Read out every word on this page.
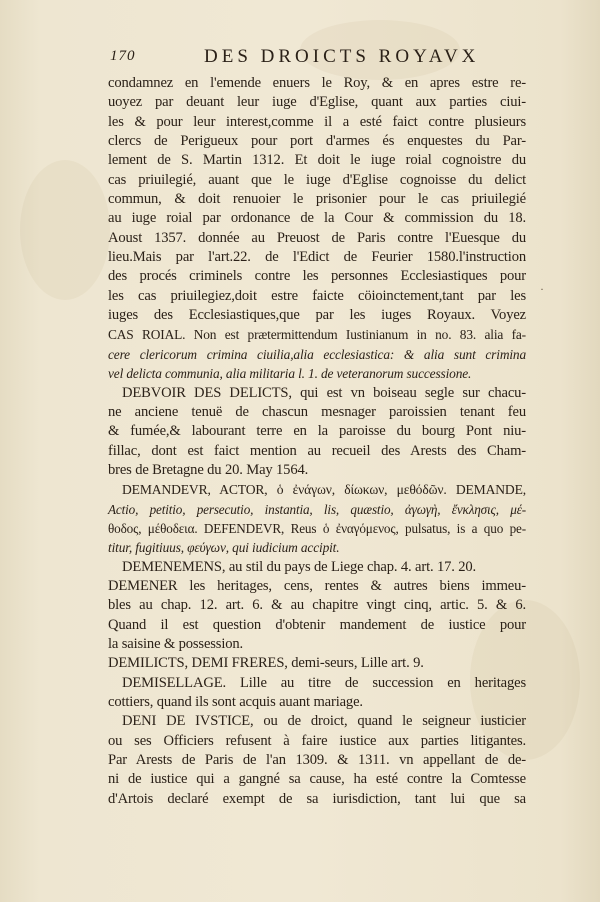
170	DES DROICTS ROYAVX
condamnez en l'emende enuers le Roy, & en apres estre re-
uoyez par deuant leur iuge d'Eglise, quant aux parties ciui-
les & pour leur interest,comme il a esté faict contre plusieurs
clercs de Perigueux pour port d'armes és enquestes du Par-
lement de S. Martin 1312. Et doit le iuge roial cognoistre du
cas priuilegié, auant que le iuge d'Eglise cognoisse du delict
commun, & doit renuoier le prisonier pour le cas priuilegié
au iuge roial par ordonance de la Cour & commission du 18.
Aoust 1357. donnée au Preuost de Paris contre l'Euesque du
lieu.Mais par l'art.22. de l'Edict de Feurier 1580.l'instruction
des procés criminels contre les personnes Ecclesiastiques pour
les cas priuilegiez,doit estre faicte cöioinctement,tant par les
iuges des Ecclesiastiques,que par les iuges Royaux. Voyez
CAS ROIAL. Non est prætermittendum Iustinianum in no. 83. alia fa-
cere clericorum crimina ciuilia,alia ecclesiastica: & alia sunt crimina
vel delicta communia, alia militaria l. 1. de veteranorum successione.
DEBVOIR DES DELICTS, qui est vn boiseau segle sur chacu-
ne anciene tenuë de chascun mesnager paroissien tenant feu
& fumée,& labourant terre en la paroisse du bourg Pont niu-
fillac, dont est faict mention au recueil des Arests des Cham-
bres de Bretagne du 20. May 1564.
DEMANDEVR, ACTOR, ὁ ἐνάγων, δίωκων, μεθόδῶν. DEMANDE,
Actio, petitio, persecutio, instantia, lis, quæstio, ἀγωγὴ, ἔνκλησις, μέ-
θοδος, μέθοδεια. DEFENDEVR, Reus ὁ ἐναγόμενος, pulsatus, is a quo pe-
titur, fugitiuus, φεύγων, qui iudicium accipit.
DEMENEMENS, au stil du pays de Liege chap. 4. art. 17. 20.
DEMENER les heritages, cens, rentes & autres biens immeu-
bles au chap. 12. art. 6. & au chapitre vingt cinq, artic. 5. & 6.
Quand il est question d'obtenir mandement de iustice pour
la saisine & possession.
DEMILICTS, DEMI FRERES, demi-seurs, Lille art. 9.
DEMISELLAGE. Lille au titre de succession en heritages
cottiers, quand ils sont acquis auant mariage.
DENI DE IVSTICE, ou de droict, quand le seigneur iusticier
ou ses Officiers refusent à faire iustice aux parties litigantes.
Par Arests de Paris de l'an 1309. & 1311. vn appellant de de-
ni de iustice qui a gangné sa cause, ha esté contre la Comtesse
d'Artois declaré exempt de sa iurisdiction, tant lui que sa
·
